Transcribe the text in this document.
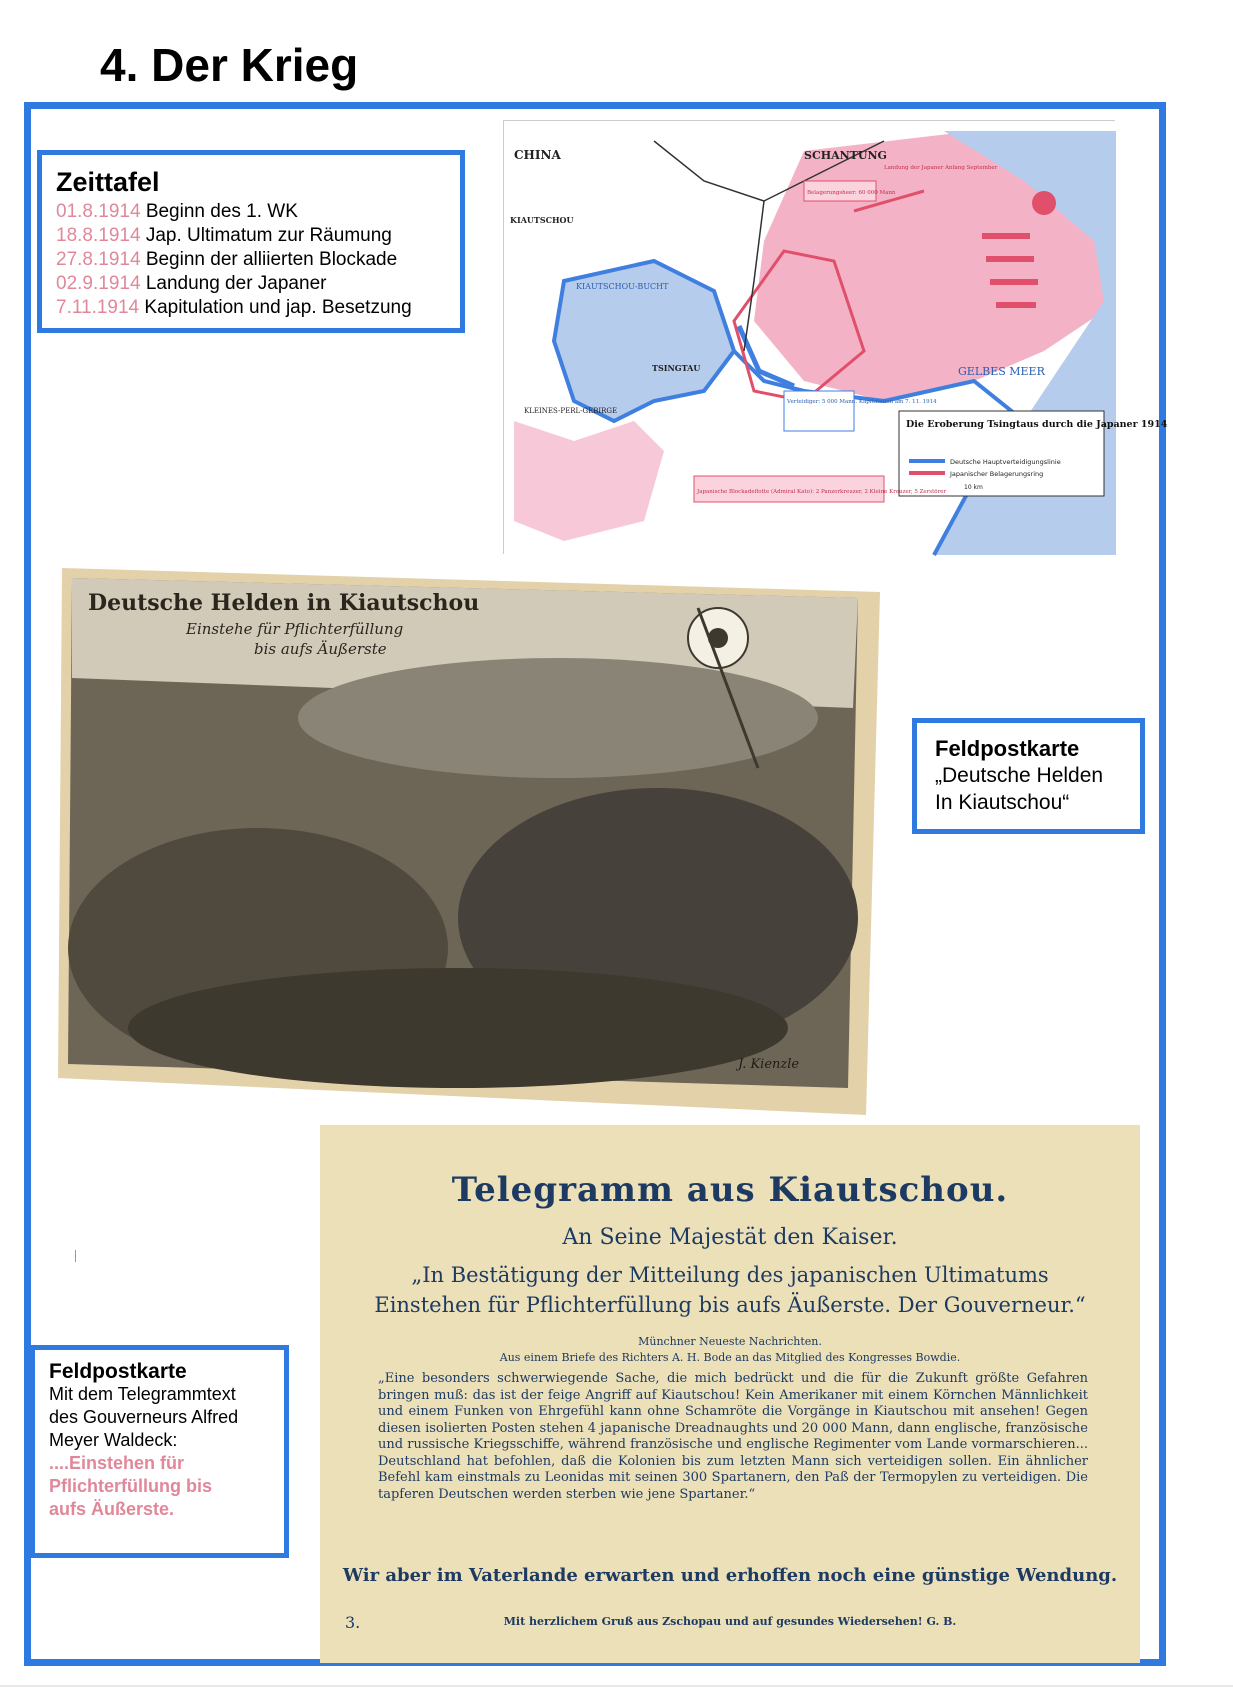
4. Der Krieg
Zeittafel
01.8.1914 Beginn des 1. WK
18.8.1914 Jap. Ultimatum zur Räumung
27.8.1914 Beginn der alliierten Blockade
02.9.1914 Landung der Japaner
7.11.1914 Kapitulation und jap. Besetzung
CHINA	SCHANTUNG
KIAUTSCHOU
KIAUTSCHOU-BUCHT
TSINGTAU	GELBES MEER
KLEINES-PERL-GEBIRGE
Die Eroberung Tsingtaus durch die Japaner 1914
Deutsche Hauptverteidigungslinie
Japanischer Belagerungsring
10 km
Japanische Blockadeflotte (Admiral Kato): 2 Panzerkreuzer, 2 Kleine Kreuzer, 5 Zerstörer
Verteidiger: 5 000 Mann. Kapitulation am 7. 11. 1914
Belagerungsheer: 60 000 Mann
Landung der Japaner Anfang September
Deutsche Helden in Kiautschou
Einstehe für Pflichterfüllung
bis aufs Äußerste
J. Kienzle
Feldpostkarte
„Deutsche Helden
In Kiautschou“
Telegramm aus Kiautschou.
An Seine Majestät den Kaiser.
„In Bestätigung der Mitteilung des japanischen Ultimatums
Einstehen für Pflichterfüllung bis aufs Äußerste. Der Gouverneur.“
Münchner Neueste Nachrichten.
Aus einem Briefe des Richters A. H. Bode an das Mitglied des Kongresses Bowdie.
„Eine besonders schwerwiegende Sache, die mich bedrückt und die für die Zukunft größte Gefahren bringen muß: das ist der feige Angriff auf Kiautschou! Kein Amerikaner mit einem Körnchen Männlichkeit und einem Funken von Ehrgefühl kann ohne Schamröte die Vorgänge in Kiautschou mit ansehen! Gegen diesen isolierten Posten stehen 4 japanische Dreadnaughts und 20 000 Mann, dann englische, französische und russische Kriegsschiffe, während französische und englische Regimenter vom Lande vormarschieren... Deutschland hat befohlen, daß die Kolonien bis zum letzten Mann sich verteidigen sollen. Ein ähnlicher Befehl kam einstmals zu Leonidas mit seinen 300 Spartanern, den Paß der Termopylen zu verteidigen. Die tapferen Deutschen werden sterben wie jene Spartaner.“
Wir aber im Vaterlande erwarten und erhoffen noch eine günstige Wendung.
3.	Mit herzlichem Gruß aus Zschopau und auf gesundes Wiedersehen! G. B.
Feldpostkarte
Mit dem Telegrammtext
des Gouverneurs Alfred
Meyer Waldeck:
....Einstehen für
Pflichterfüllung bis
aufs Äußerste.
